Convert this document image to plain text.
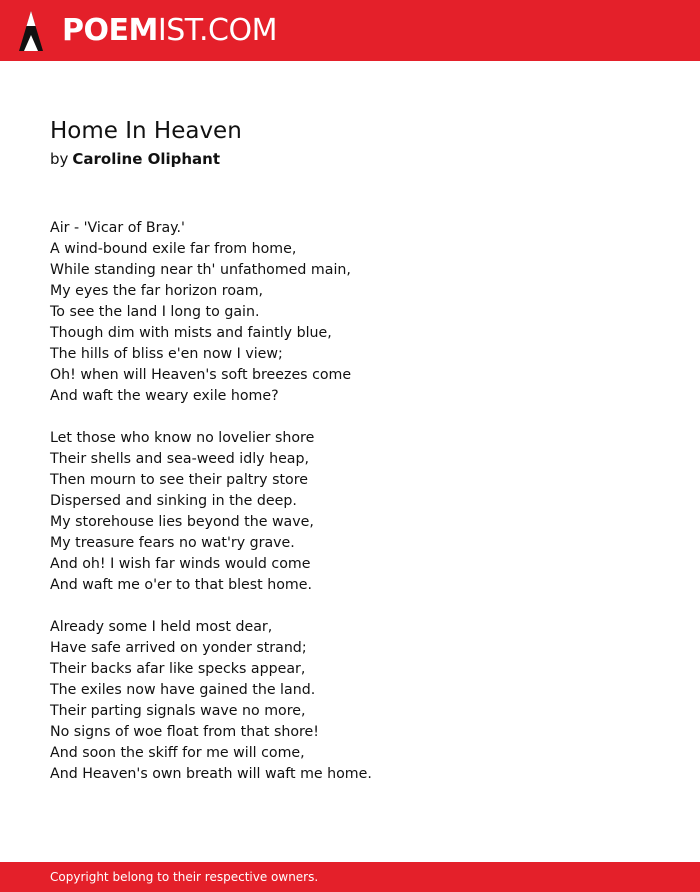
POEMIST.COM
Home In Heaven
by Caroline Oliphant
Air - 'Vicar of Bray.'
A wind-bound exile far from home,
While standing near th' unfathomed main,
My eyes the far horizon roam,
To see the land I long to gain.
Though dim with mists and faintly blue,
The hills of bliss e'en now I view;
Oh! when will Heaven's soft breezes come
And waft the weary exile home?
Let those who know no lovelier shore
Their shells and sea-weed idly heap,
Then mourn to see their paltry store
Dispersed and sinking in the deep.
My storehouse lies beyond the wave,
My treasure fears no wat'ry grave.
And oh! I wish far winds would come
And waft me o'er to that blest home.
Already some I held most dear,
Have safe arrived on yonder strand;
Their backs afar like specks appear,
The exiles now have gained the land.
Their parting signals wave no more,
No signs of woe float from that shore!
And soon the skiff for me will come,
And Heaven's own breath will waft me home.
Copyright belong to their respective owners.
